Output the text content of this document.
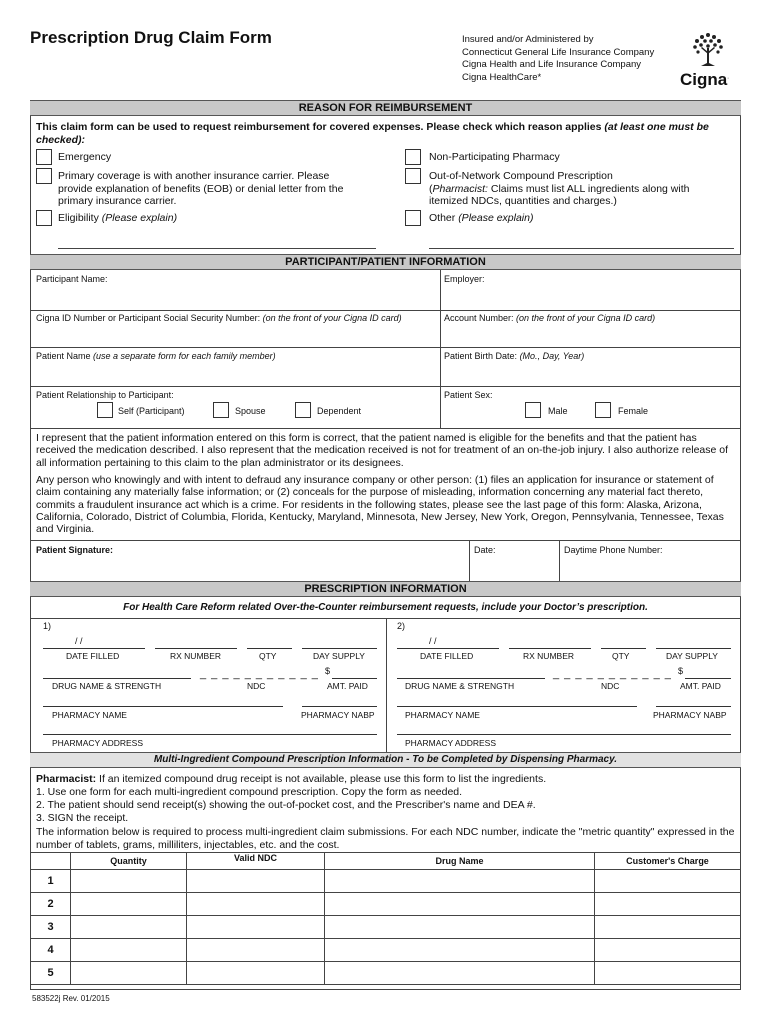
Prescription Drug Claim Form	Insured and/or Administered by
Connecticut General Life Insurance Company
Cigna Health and Life Insurance Company
Cigna HealthCare*	Cigna.
REASON FOR REIMBURSEMENT
This claim form can be used to request reimbursement for covered expenses. Please check which reason applies (at least one must be checked):
Emergency
Primary coverage is with another insurance carrier. Please provide explanation of benefits (EOB) or denial letter from the primary insurance carrier.
Eligibility (Please explain)
Non-Participating Pharmacy
Out-of-Network Compound Prescription
(Pharmacist: Claims must list ALL ingredients along with itemized NDCs, quantities and charges.)
Other (Please explain)
PARTICIPANT/PATIENT INFORMATION
Participant Name:	Employer:
Cigna ID Number or Participant Social Security Number: (on the front of your Cigna ID card)	Account Number: (on the front of your Cigna ID card)
Patient Name (use a separate form for each family member)	Patient Birth Date: (Mo., Day, Year)
Patient Relationship to Participant:
Self (Participant)	Spouse	Dependent
Patient Sex:
Male	Female
I represent that the patient information entered on this form is correct, that the patient named is eligible for the benefits and that the patient has received the medication described. I also represent that the medication received is not for treatment of an on-the-job injury. I also authorize release of all information pertaining to this claim to the plan administrator or its designees.
Any person who knowingly and with intent to defraud any insurance company or other person: (1) files an application for insurance or statement of claim containing any materially false information; or (2) conceals for the purpose of misleading, information concerning any material fact thereto, commits a fraudulent insurance act which is a crime. For residents in the following states, please see the last page of this form: Alaska, Arizona, California, Colorado, District of Columbia, Florida, Kentucky, Maryland, Minnesota, New Jersey, New York, Oregon, Pennsylvania, Tennessee, Texas and Virginia.
Patient Signature:	Date:	Daytime Phone Number:
PRESCRIPTION INFORMATION
For Health Care Reform related Over-the-Counter reimbursement requests, include your Doctor’s prescription.
1)
/ /
DATE FILLED	RX NUMBER	QTY	DAY SUPPLY
_ _ _ _ _ _ _ _ _ _ _ $
DRUG NAME & STRENGTH	NDC	AMT. PAID
PHARMACY NAME	PHARMACY NABP
PHARMACY ADDRESS
2)
/ /
DATE FILLED	RX NUMBER	QTY	DAY SUPPLY
_ _ _ _ _ _ _ _ _ _ _ $
DRUG NAME & STRENGTH	NDC	AMT. PAID
PHARMACY NAME	PHARMACY NABP
PHARMACY ADDRESS
Multi-Ingredient Compound Prescription Information - To be Completed by Dispensing Pharmacy.
Pharmacist: If an itemized compound drug receipt is not available, please use this form to list the ingredients.
1. Use one form for each multi-ingredient compound prescription. Copy the form as needed.
2. The patient should send receipt(s) showing the out-of-pocket cost, and the Prescriber's name and DEA #.
3. SIGN the receipt.
The information below is required to process multi-ingredient claim submissions. For each NDC number, indicate the "metric quantity" expressed in the number of tablets, grams, milliliters, injectables, etc. and the cost.
	Quantity	Valid NDC	Drug Name	Customer's Charge
1				
2				
3				
4				
5				
583522j Rev. 01/2015
